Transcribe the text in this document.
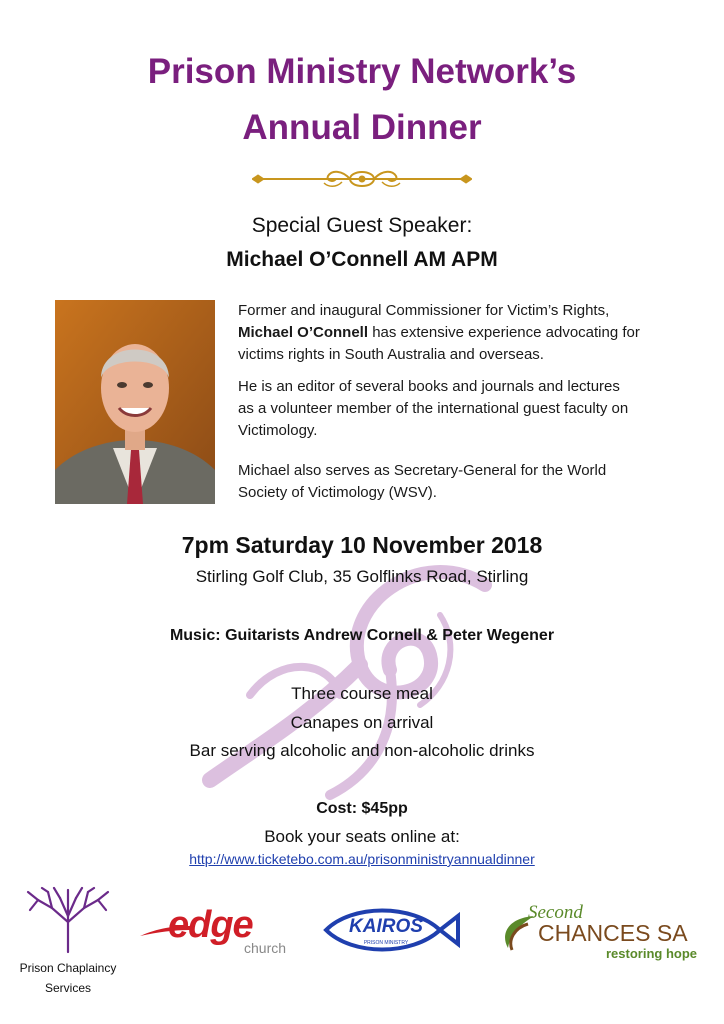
Prison Ministry Network’s
Annual Dinner
Special Guest Speaker:
Michael O’Connell AM APM
Former and inaugural Commissioner for Victim’s Rights,
Michael O’Connell has extensive experience advocating for victims rights in South Australia and overseas.
He is an editor of several books and journals and lectures as a volunteer member of the international guest faculty on Victimology.
Michael also serves as Secretary-General for the World Society of Victimology (WSV).
7pm Saturday 10 November 2018
Stirling Golf Club, 35 Golflinks Road, Stirling
Music: Guitarists Andrew Cornell & Peter Wegener
Three course meal
Canapes on arrival
Bar serving alcoholic and non-alcoholic drinks
Cost: $45pp
Book your seats online at:
http://www.ticketebo.com.au/prisonministryannualdinner
Prison Chaplaincy
Services
edge
church
KAIROS
PRISON MINISTRY
Second
CHANCES SA
restoring hope
